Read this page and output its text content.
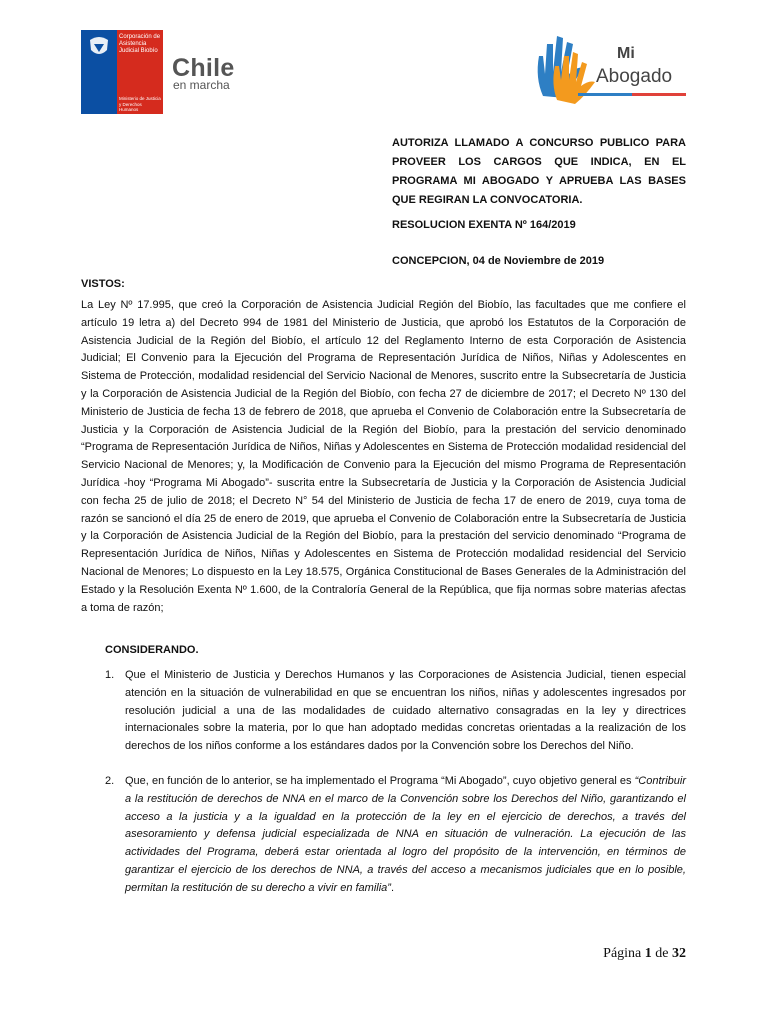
Corporación de Asistencia Judicial Biobío
Ministerio de Justicia y Derechos Humanos
Chile
en marcha
Mi
Abogado
AUTORIZA LLAMADO A CONCURSO PUBLICO PARA PROVEER LOS CARGOS QUE INDICA, EN EL PROGRAMA MI ABOGADO Y APRUEBA LAS BASES QUE REGIRAN LA CONVOCATORIA.
RESOLUCION EXENTA Nº 164/2019
CONCEPCION, 04 de Noviembre de 2019
VISTOS:
La Ley Nº 17.995, que creó la Corporación de Asistencia Judicial Región del Biobío, las facultades que me confiere el artículo 19 letra a) del Decreto 994 de 1981 del Ministerio de Justicia, que aprobó los Estatutos de la Corporación de Asistencia Judicial de la Región del Biobío, el artículo 12 del Reglamento Interno de esta Corporación de Asistencia Judicial; El Convenio para la Ejecución del Programa de Representación Jurídica de Niños, Niñas y Adolescentes en Sistema de Protección, modalidad residencial del Servicio Nacional de Menores, suscrito entre la Subsecretaría de Justicia y la Corporación de Asistencia Judicial de la Región del Biobío, con fecha 27 de diciembre de 2017; el Decreto Nº 130 del Ministerio de Justicia de fecha 13 de febrero de 2018, que aprueba el Convenio de Colaboración entre la Subsecretaría de Justicia y la Corporación de Asistencia Judicial de la Región del Biobío, para la prestación del servicio denominado “Programa de Representación Jurídica de Niños, Niñas y Adolescentes en Sistema de Protección modalidad residencial del Servicio Nacional de Menores; y, la Modificación de Convenio para la Ejecución del mismo Programa de Representación Jurídica -hoy “Programa Mi Abogado”- suscrita entre la Subsecretaría de Justicia y la Corporación de Asistencia Judicial con fecha 25 de julio de 2018; el Decreto N° 54 del Ministerio de Justicia de fecha 17 de enero de 2019, cuya toma de razón se sancionó el día 25 de enero de 2019, que aprueba el Convenio de Colaboración entre la Subsecretaría de Justicia y la Corporación de Asistencia Judicial de la Región del Biobío, para la prestación del servicio denominado “Programa de Representación Jurídica de Niños, Niñas y Adolescentes en Sistema de Protección modalidad residencial del Servicio Nacional de Menores; Lo dispuesto en la Ley 18.575, Orgánica Constitucional de Bases Generales de la Administración del Estado y la Resolución Exenta Nº 1.600, de la Contraloría General de la República, que fija normas sobre materias afectas a toma de razón;
CONSIDERANDO.
1. Que el Ministerio de Justicia y Derechos Humanos y las Corporaciones de Asistencia Judicial, tienen especial atención en la situación de vulnerabilidad en que se encuentran los niños, niñas y adolescentes ingresados por resolución judicial a una de las modalidades de cuidado alternativo consagradas en la ley y directrices internacionales sobre la materia, por lo que han adoptado medidas concretas orientadas a la realización de los derechos de los niños conforme a los estándares dados por la Convención sobre los Derechos del Niño.
2. Que, en función de lo anterior, se ha implementado el Programa “Mi Abogado”, cuyo objetivo general es “Contribuir a la restitución de derechos de NNA en el marco de la Convención sobre los Derechos del Niño, garantizando el acceso a la justicia y a la igualdad en la protección de la ley en el ejercicio de derechos, a través del asesoramiento y defensa judicial especializada de NNA en situación de vulneración. La ejecución de las actividades del Programa, deberá estar orientada al logro del propósito de la intervención, en términos de garantizar el ejercicio de los derechos de NNA, a través del acceso a mecanismos judiciales que en lo posible, permitan la restitución de su derecho a vivir en familia”.
Página 1 de 32
